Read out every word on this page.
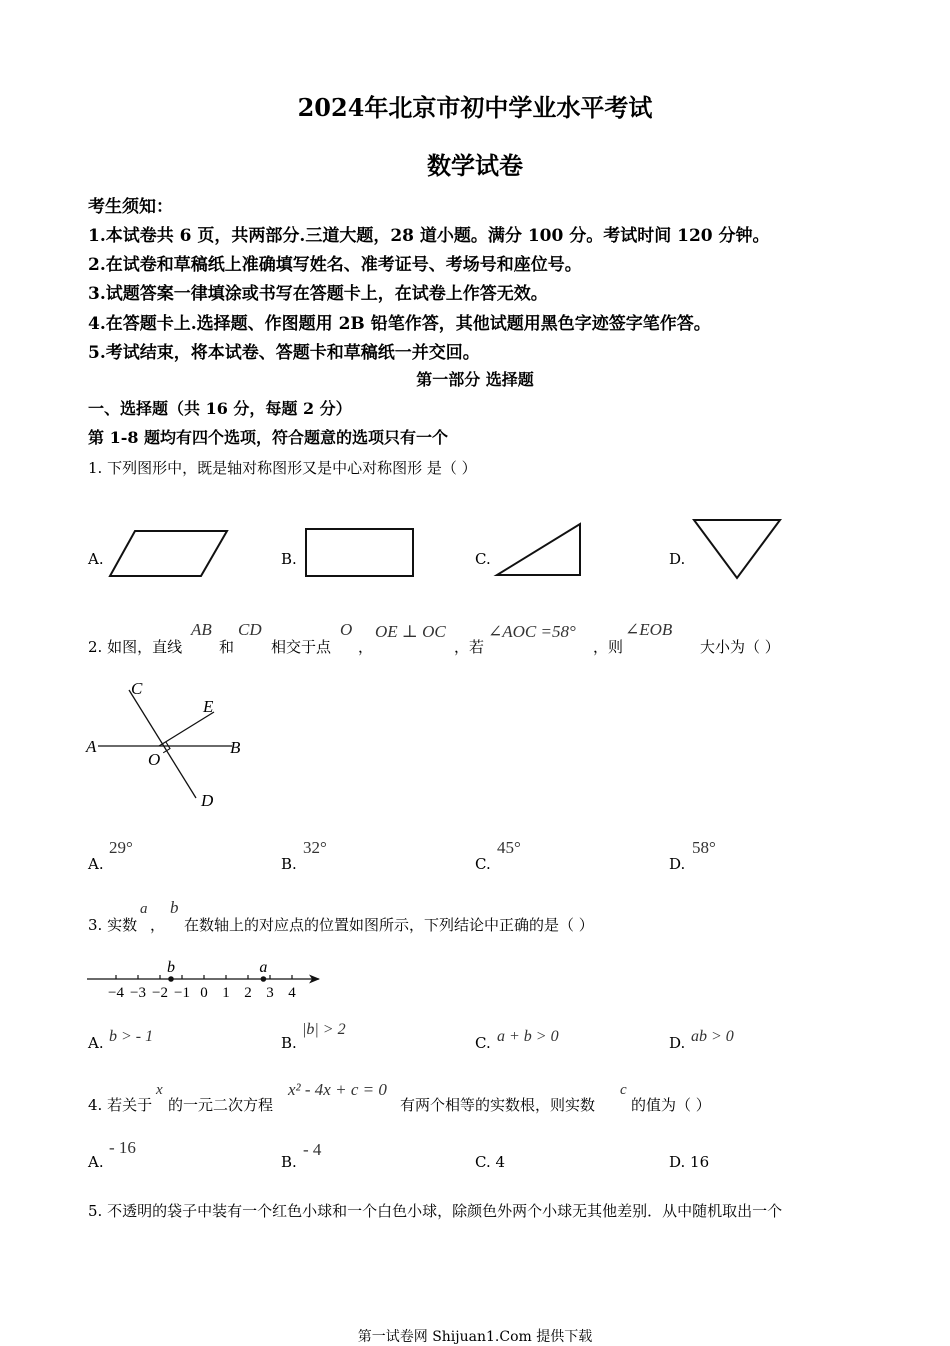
2024年北京市初中学业水平考试
数学试卷
考生须知：
1.本试卷共 6 页，共两部分.三道大题，28 道小题。满分 100 分。考试时间 120 分钟。
2.在试卷和草稿纸上准确填写姓名、准考证号、考场号和座位号。
3.试题答案一律填涂或书写在答题卡上，在试卷上作答无效。
4.在答题卡上.选择题、作图题用 2B 铅笔作答，其他试题用黑色字迹签字笔作答。
5.考试结束，将本试卷、答题卡和草稿纸一并交回。
第一部分 选择题
一、选择题（共 16 分，每题 2 分）
第 1-8 题均有四个选项，符合题意的选项只有一个
1. 下列图形中，既是轴对称图形又是中心对称图形 是（ ）
A.	B.	C.	D.
2. 如图，直线
AB
和
CD
相交于点
O
，
OE ⊥ OC
，若
∠AOC =58°
，则
∠EOB
大小为（ ）
A	B
C
D
E
O
A.
29°
B.
32°
C.
45°
D.
58°
3. 实数
a
，
b
在数轴上的对应点的位置如图所示，下列结论中正确的是（ ）
−4 −3 −2 −1 0 1 2 3 4
b	a
A. b > - 1	B.
|b| > 2
C. a + b > 0	D. ab > 0
4. 若关于
x
的一元二次方程
x² - 4x + c = 0
有两个相等的实数根，则实数
c
的值为（ ）
A.
- 16
B.
- 4
C. 4	D. 16
5. 不透明的袋子中装有一个红色小球和一个白色小球，除颜色外两个小球无其他差别．从中随机取出一个
第一试卷网 Shijuan1.Com 提供下载
